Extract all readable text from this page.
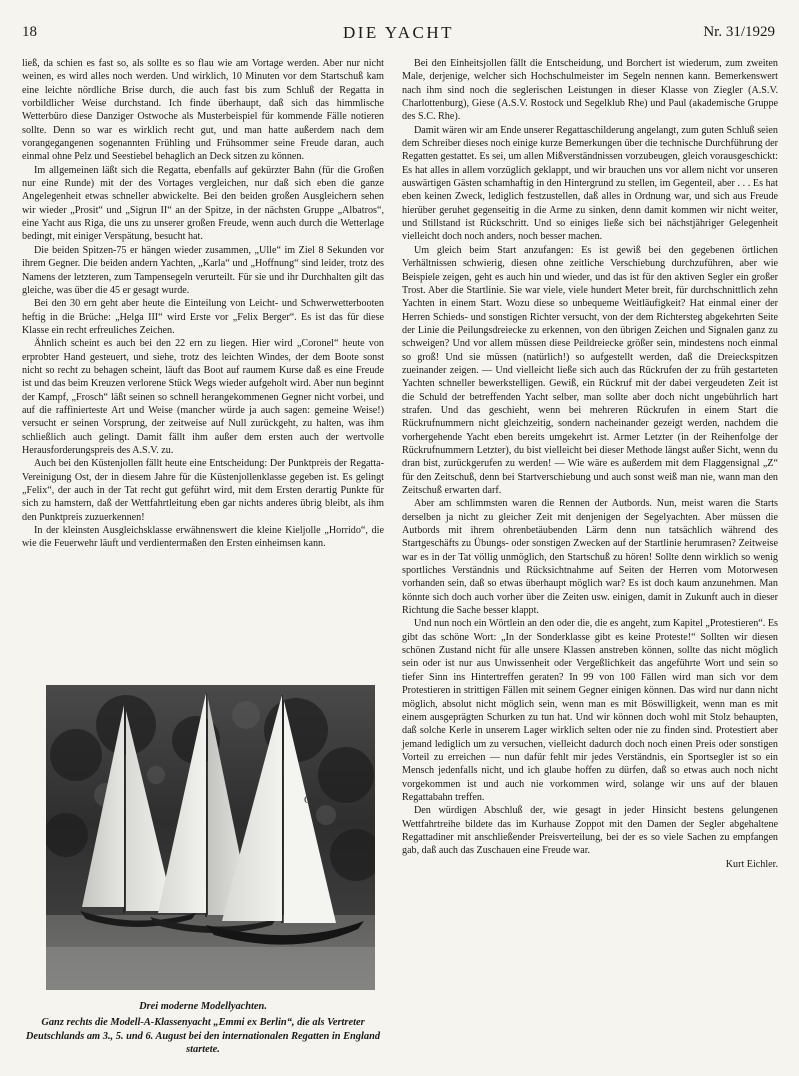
18	DIE YACHT	Nr. 31/1929

ließ, da schien es fast so, als sollte es so flau wie am Vortage werden. Aber nur nicht weinen, es wird alles noch werden. Und wirklich, 10 Minuten vor dem Startschuß kam eine leichte nördliche Brise durch, die auch fast bis zum Schluß der Regatta in vorbildlicher Weise durchstand. Ich finde überhaupt, daß sich das himmlische Wetterbüro diese Danziger Ostwoche als Musterbeispiel für kommende Fälle notieren sollte. Denn so war es wirklich recht gut, und man hatte außerdem nach dem vorangegangenen sogenannten Frühling und Frühsommer seine Freude daran, auch einmal ohne Pelz und Seestiebel behaglich an Deck sitzen zu können.

Im allgemeinen läßt sich die Regatta, ebenfalls auf gekürzter Bahn (für die Großen nur eine Runde) mit der des Vortages vergleichen, nur daß sich eben die ganze Angelegenheit etwas schneller abwickelte. Bei den beiden großen Ausgleichern sehen wir wieder „Prosit“ und „Sigrun II“ an der Spitze, in der nächsten Gruppe „Albatros“, eine Yacht aus Riga, die uns zu unserer großen Freude, wenn auch durch die Wetterlage bedingt, mit einiger Verspätung, besucht hat.

Die beiden Spitzen-75 er hängen wieder zusammen, „Ulle“ im Ziel 8 Sekunden vor ihrem Gegner. Die beiden andern Yachten, „Karla“ und „Hoffnung“ sind leider, trotz des Namens der letzteren, zum Tampensegeln verurteilt. Für sie und ihr Durchhalten gilt das gleiche, was über die 45 er gesagt wurde.

Bei den 30 ern geht aber heute die Einteilung von Leicht- und Schwerwetterbooten heftig in die Brüche: „Helga III“ wird Erste vor „Felix Berger“. Es ist das für diese Klasse ein recht erfreuliches Zeichen.

Ähnlich scheint es auch bei den 22 ern zu liegen. Hier wird „Coronel“ heute von erprobter Hand gesteuert, und siehe, trotz des leichten Windes, der dem Boote sonst nicht so recht zu behagen scheint, läuft das Boot auf raumem Kurse daß es eine Freude ist und das beim Kreuzen verlorene Stück Wegs wieder aufgeholt wird. Aber nun beginnt der Kampf, „Frosch“ läßt seinen so schnell herangekommenen Gegner nicht vorbei, und auf die raffinierteste Art und Weise (mancher würde ja auch sagen: gemeine Weise!) versucht er seinen Vorsprung, der zeitweise auf Null zurückgeht, zu halten, was ihm schließlich auch gelingt. Damit fällt ihm außer dem ersten auch der wertvolle Herausforderungspreis des A.S.V. zu.

Auch bei den Küstenjollen fällt heute eine Entscheidung: Der Punktpreis der Regatta-Vereinigung Ost, der in diesem Jahre für die Küstenjollenklasse gegeben ist. Es gelingt „Felix“, der auch in der Tat recht gut geführt wird, mit dem Ersten derartig Punkte für sich zu hamstern, daß der Wettfahrtleitung eben gar nichts anderes übrig bleibt, als ihm den Punktpreis zuzuerkennen!

In der kleinsten Ausgleichsklasse erwähnenswert die kleine Kieljolle „Horrido“, die wie die Feuerwehr läuft und verdientermaßen den Ersten einheimsen kann.

G 2
Drei moderne Modellyachten.
Ganz rechts die Modell-A-Klassenyacht „Emmi ex Berlin“, die als Vertreter Deutschlands am 3., 5. und 6. August bei den internationalen Regatten in England startete.

Bei den Einheitsjollen fällt die Entscheidung, und Borchert ist wiederum, zum zweiten Male, derjenige, welcher sich Hochschulmeister im Segeln nennen kann. Bemerkenswert nach ihm sind noch die seglerischen Leistungen in dieser Klasse von Ziegler (A.S.V. Charlottenburg), Giese (A.S.V. Rostock und Segelklub Rhe) und Paul (akademische Gruppe des S.C. Rhe).

Damit wären wir am Ende unserer Regattaschilderung angelangt, zum guten Schluß seien dem Schreiber dieses noch einige kurze Bemerkungen über die technische Durchführung der Regatten gestattet. Es sei, um allen Mißverständnissen vorzubeugen, gleich vorausgeschickt: Es hat alles in allem vorzüglich geklappt, und wir brauchen uns vor allem nicht vor unseren auswärtigen Gästen schamhaftig in den Hintergrund zu stellen, im Gegenteil, aber . . . Es hat eben keinen Zweck, lediglich festzustellen, daß alles in Ordnung war, und sich aus Freude hierüber geruhet gegenseitig in die Arme zu sinken, denn damit kommen wir nicht weiter, und Stillstand ist Rückschritt. Und so einiges ließe sich bei nächstjähriger Gelegenheit vielleicht doch noch anders, noch besser machen.

Um gleich beim Start anzufangen: Es ist gewiß bei den gegebenen örtlichen Verhältnissen schwierig, diesen ohne zeitliche Verschiebung durchzuführen, aber wie Beispiele zeigen, geht es auch hin und wieder, und das ist für den aktiven Segler ein großer Trost. Aber die Startlinie. Sie war viele, viele hundert Meter breit, für durchschnittlich zehn Yachten in einem Start. Wozu diese so unbequeme Weitläufigkeit? Hat einmal einer der Herren Schieds- und sonstigen Richter versucht, von der dem Richtersteg abgekehrten Seite der Linie die Peilungsdreiecke zu erkennen, von den übrigen Zeichen und Signalen ganz zu schweigen? Und vor allem müssen diese Peildreiecke größer sein, mindestens noch einmal so groß! Und sie müssen (natürlich!) so aufgestellt werden, daß die Dreieckspitzen zueinander zeigen. — Und vielleicht ließe sich auch das Rückrufen der zu früh gestarteten Yachten schneller bewerkstelligen. Gewiß, ein Rückruf mit der dabei vergeudeten Zeit ist die Schuld der betreffenden Yacht selber, man sollte aber doch nicht ungebührlich hart strafen. Und das geschieht, wenn bei mehreren Rückrufen in einem Start die Rückrufnummern nicht gleichzeitig, sondern nacheinander gezeigt werden, nachdem die vorhergehende Yacht eben bereits umgekehrt ist. Armer Letzter (in der Reihenfolge der Rückrufnummern Letzter), du bist vielleicht bei dieser Methode längst außer Sicht, wenn du dran bist, zurückgerufen zu werden! — Wie wäre es außerdem mit dem Flaggensignal „Z“ für den Zeitschuß, denn bei Startverschiebung und auch sonst weiß man nie, wann man den Zeitschuß erwarten darf.

Aber am schlimmsten waren die Rennen der Autbords. Nun, meist waren die Starts derselben ja nicht zu gleicher Zeit mit denjenigen der Segelyachten. Aber müssen die Autbords mit ihrem ohrenbetäubenden Lärm denn nun tatsächlich während des Startgeschäfts zu Übungs- oder sonstigen Zwecken auf der Startlinie herumrasen? Zeitweise war es in der Tat völlig unmöglich, den Startschuß zu hören! Sollte denn wirklich so wenig sportliches Verständnis und Rücksichtnahme auf Seiten der Herren vom Motorwesen vorhanden sein, daß so etwas überhaupt möglich war? Es ist doch kaum anzunehmen. Man könnte sich doch auch vorher über die Zeiten usw. einigen, damit in Zukunft auch in dieser Richtung die Sache besser klappt.

Und nun noch ein Wörtlein an den oder die, die es angeht, zum Kapitel „Protestieren“. Es gibt das schöne Wort: „In der Sonderklasse gibt es keine Proteste!“ Sollten wir diesen schönen Zustand nicht für alle unsere Klassen anstreben können, sollte das nicht möglich sein oder ist nur aus Unwissenheit oder Vergeßlichkeit das angeführte Wort und sein so tiefer Sinn ins Hintertreffen geraten? In 99 von 100 Fällen wird man sich vor dem Protestieren in strittigen Fällen mit seinem Gegner einigen können. Das wird nur dann nicht möglich, absolut nicht möglich sein, wenn man es mit Böswilligkeit, wenn man es mit einem ausgeprägten Schurken zu tun hat. Und wir können doch wohl mit Stolz behaupten, daß solche Kerle in unserem Lager wirklich selten oder nie zu finden sind. Protestiert aber jemand lediglich um zu versuchen, vielleicht dadurch doch noch einen Preis oder sonstigen Vorteil zu erreichen — nun dafür fehlt mir jedes Verständnis, ein Sportsegler ist so ein Mensch jedenfalls nicht, und ich glaube hoffen zu dürfen, daß so etwas auch noch nicht vorgekommen ist und auch nie vorkommen wird, solange wir uns auf der blauen Regattabahn treffen.

Den würdigen Abschluß der, wie gesagt in jeder Hinsicht bestens gelungenen Wettfahrtreihe bildete das im Kurhause Zoppot mit den Damen der Segler abgehaltene Regattadiner mit anschließender Preisverteilung, bei der es so viele Sachen zu empfangen gab, daß auch das Zuschauen eine Freude war.

Kurt Eichler.
